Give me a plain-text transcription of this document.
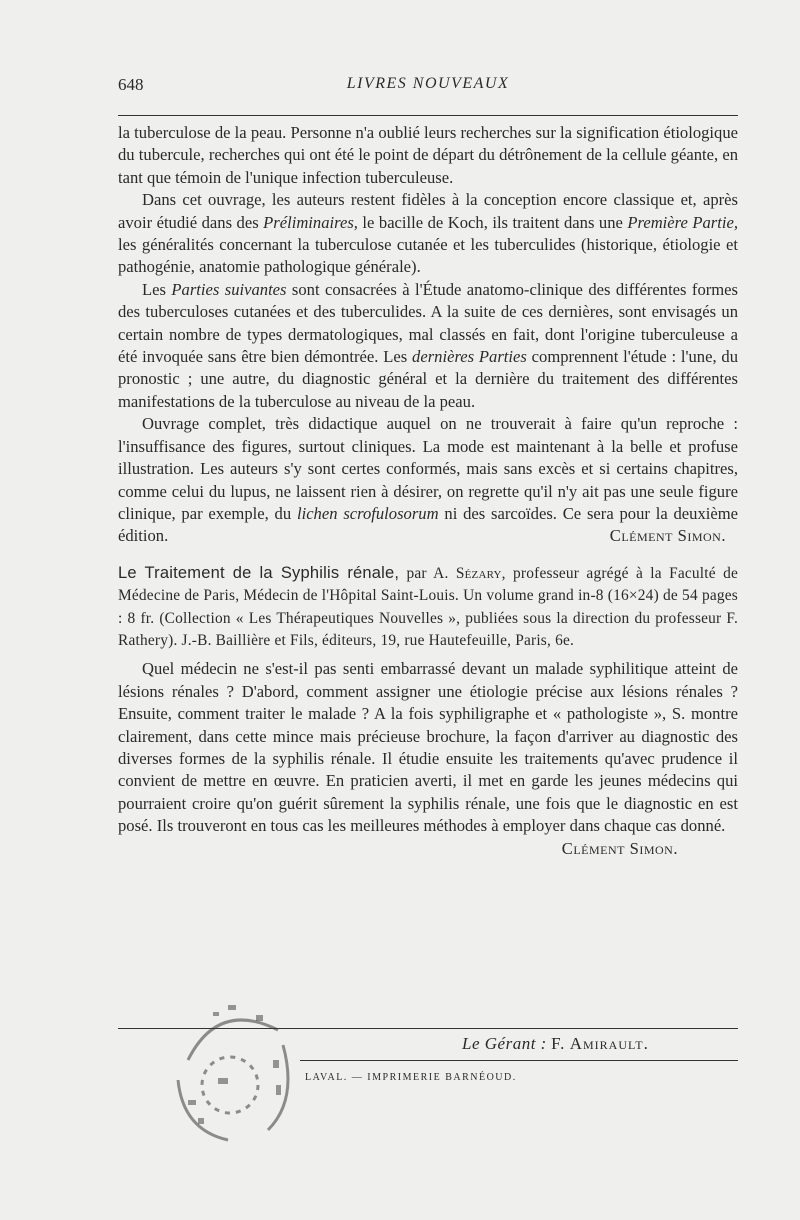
648	LIVRES NOUVEAUX

la tuberculose de la peau. Personne n'a oublié leurs recherches sur la signification étiologique du tubercule, recherches qui ont été le point de départ du détrônement de la cellule géante, en tant que témoin de l'unique infection tuberculeuse.

Dans cet ouvrage, les auteurs restent fidèles à la conception encore classique et, après avoir étudié dans des Préliminaires, le bacille de Koch, ils traitent dans une Première Partie, les généralités concernant la tuberculose cutanée et les tuberculides (historique, étiologie et pathogénie, anatomie pathologique générale).

Les Parties suivantes sont consacrées à l'Étude anatomo-clinique des différentes formes des tuberculoses cutanées et des tuberculides. A la suite de ces dernières, sont envisagés un certain nombre de types dermatologiques, mal classés en fait, dont l'origine tuberculeuse a été invoquée sans être bien démontrée. Les dernières Parties comprennent l'étude : l'une, du pronostic ; une autre, du diagnostic général et la dernière du traitement des différentes manifestations de la tuberculose au niveau de la peau.

Ouvrage complet, très didactique auquel on ne trouverait à faire qu'un reproche : l'insuffisance des figures, surtout cliniques. La mode est maintenant à la belle et profuse illustration. Les auteurs s'y sont certes conformés, mais sans excès et si certains chapitres, comme celui du lupus, ne laissent rien à désirer, on regrette qu'il n'y ait pas une seule figure clinique, par exemple, du lichen scrofulosorum ni des sarcoïdes. Ce sera pour la deuxième édition.	Clément Simon.

Le Traitement de la Syphilis rénale, par A. Sézary, professeur agrégé à la Faculté de Médecine de Paris, Médecin de l'Hôpital Saint-Louis. Un volume grand in-8 (16×24) de 54 pages : 8 fr. (Collection « Les Thérapeutiques Nouvelles », publiées sous la direction du professeur F. Rathery). J.-B. Baillière et Fils, éditeurs, 19, rue Hautefeuille, Paris, 6e.

Quel médecin ne s'est-il pas senti embarrassé devant un malade syphilitique atteint de lésions rénales ? D'abord, comment assigner une étiologie précise aux lésions rénales ? Ensuite, comment traiter le malade ? A la fois syphiligraphe et « pathologiste », S. montre clairement, dans cette mince mais précieuse brochure, la façon d'arriver au diagnostic des diverses formes de la syphilis rénale. Il étudie ensuite les traitements qu'avec prudence il convient de mettre en œuvre. En praticien averti, il met en garde les jeunes médecins qui pourraient croire qu'on guérit sûrement la syphilis rénale, une fois que le diagnostic en est posé. Ils trouveront en tous cas les meilleures méthodes à employer dans chaque cas donné.
Clément Simon.

Le Gérant : F. Amirault.
LAVAL. — IMPRIMERIE BARNÉOUD.
